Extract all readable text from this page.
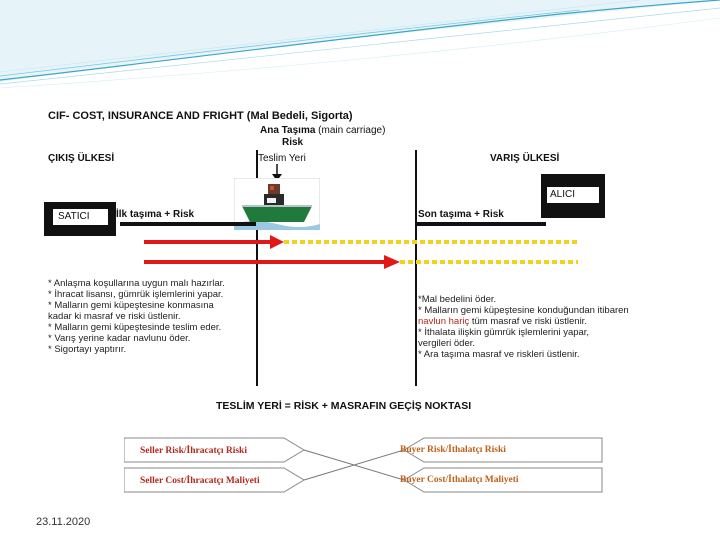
CIF- COST, INSURANCE AND FRIGHT (Mal Bedeli, Sigorta)
Ana Taşıma (main carriage)
Risk
Teslim Yeri
ÇIKIŞ ÜLKESİ	VARIŞ ÜLKESİ
SATICI	İlk taşıma + Risk	Son taşıma + Risk
ALICI
* Anlaşma koşullarına uygun malı hazırlar.
* İhracat lisansı, gümrük işlemlerini yapar.
* Malların gemi küpeştesine konmasına
kadar ki masraf ve riski üstlenir.
* Malların gemi küpeştesinde teslim eder.
* Varış yerine kadar navlunu öder.
* Sigortayı yaptırır.
*Mal bedelini öder.
* Malların gemi küpeştesine konduğundan itibaren
navlun hariç tüm masraf ve riski üstlenir.
* İthalata ilişkin gümrük işlemlerini yapar,
vergileri öder.
* Ara taşıma masraf ve riskleri üstlenir.
TESLİM YERİ = RİSK + MASRAFIN GEÇİŞ NOKTASI
Seller Risk/İhracatçı Riski
Seller Cost/İhracatçı Maliyeti
Buyer Risk/İthalatçı Riski
Buyer Cost/İthalatçı Maliyeti
23.11.2020
